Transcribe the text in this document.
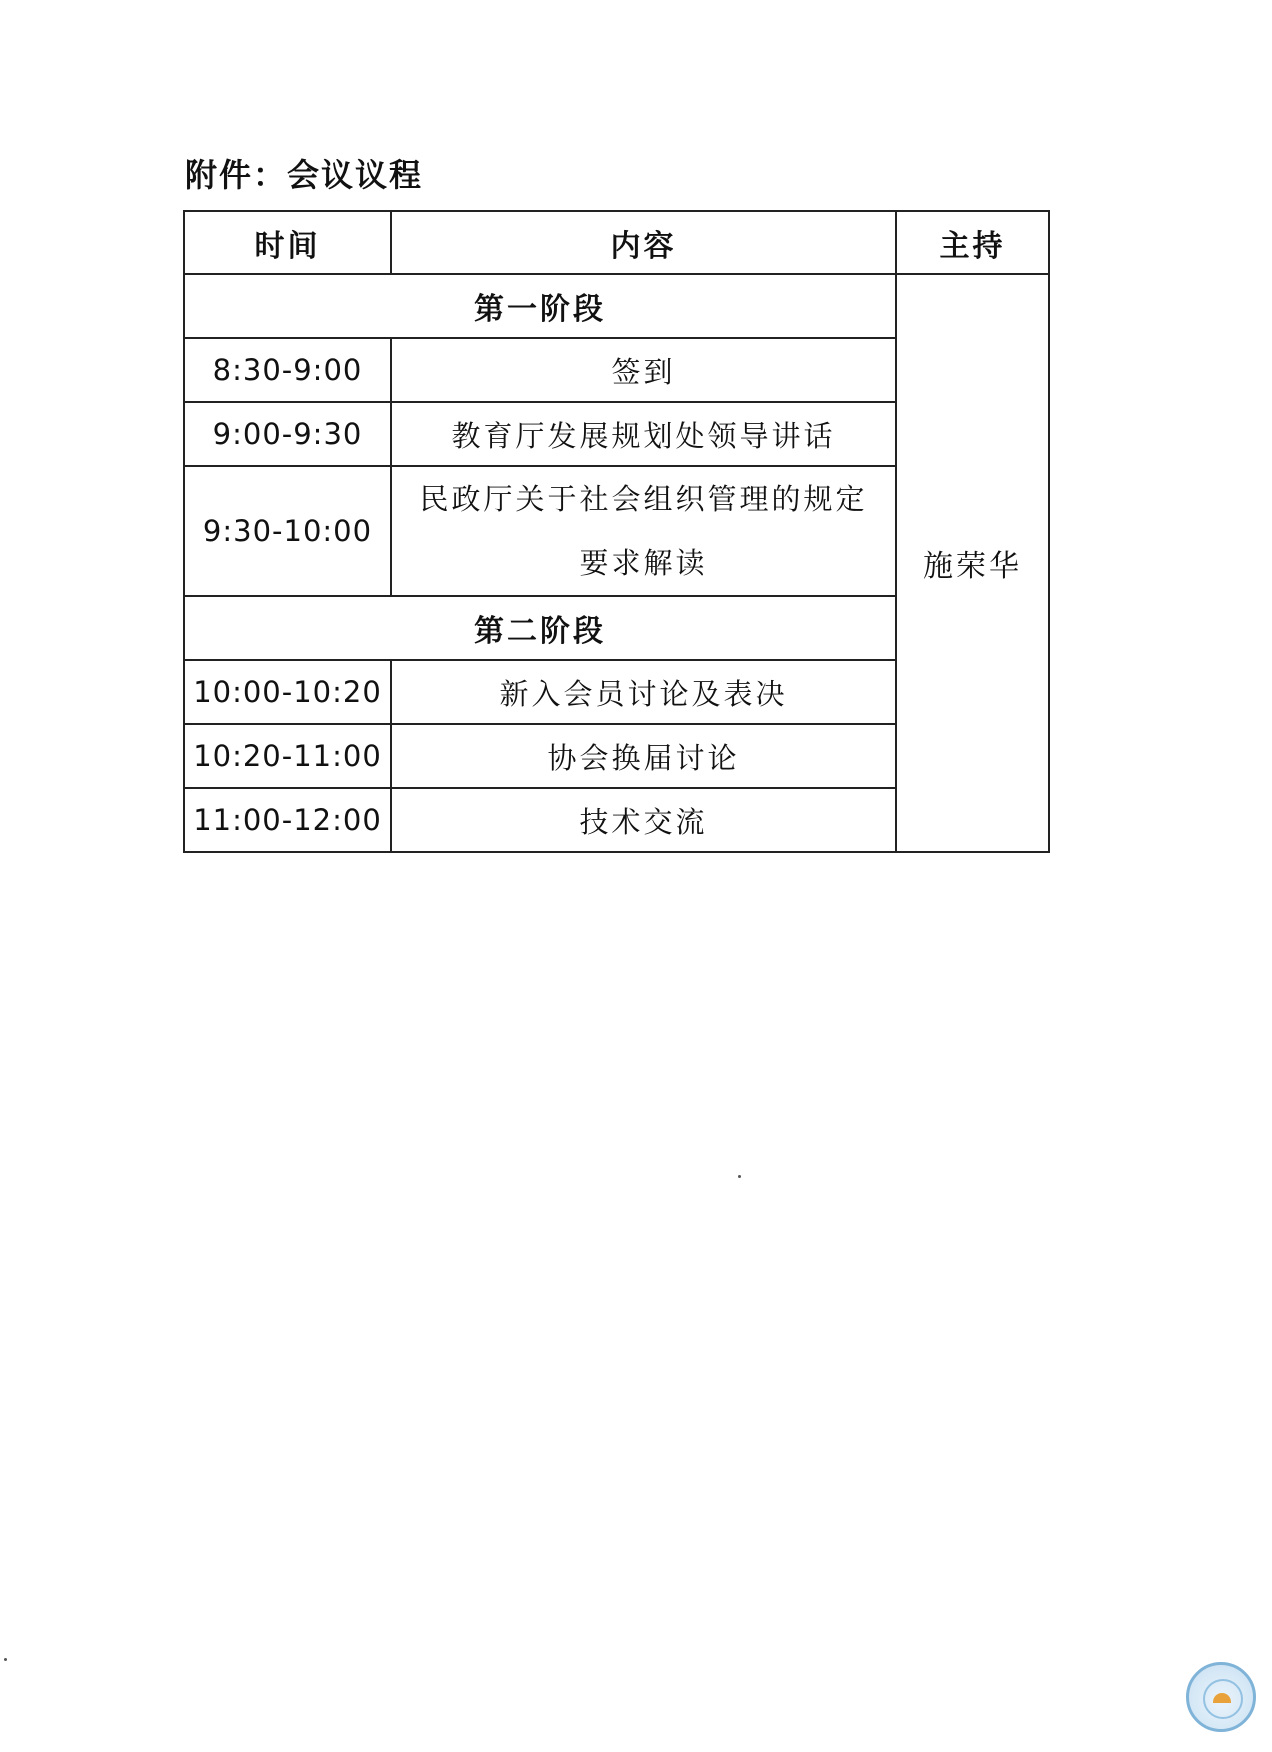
附件：会议议程
时间	内容	主持
第一阶段		施荣华
8:30-9:00	签到	
9:00-9:30	教育厅发展规划处领导讲话	
9:30-10:00	民政厅关于社会组织管理的规定要求解读	
第二阶段		
10:00-10:20	新入会员讨论及表决	
10:20-11:00	协会换届讨论	
11:00-12:00	技术交流	
